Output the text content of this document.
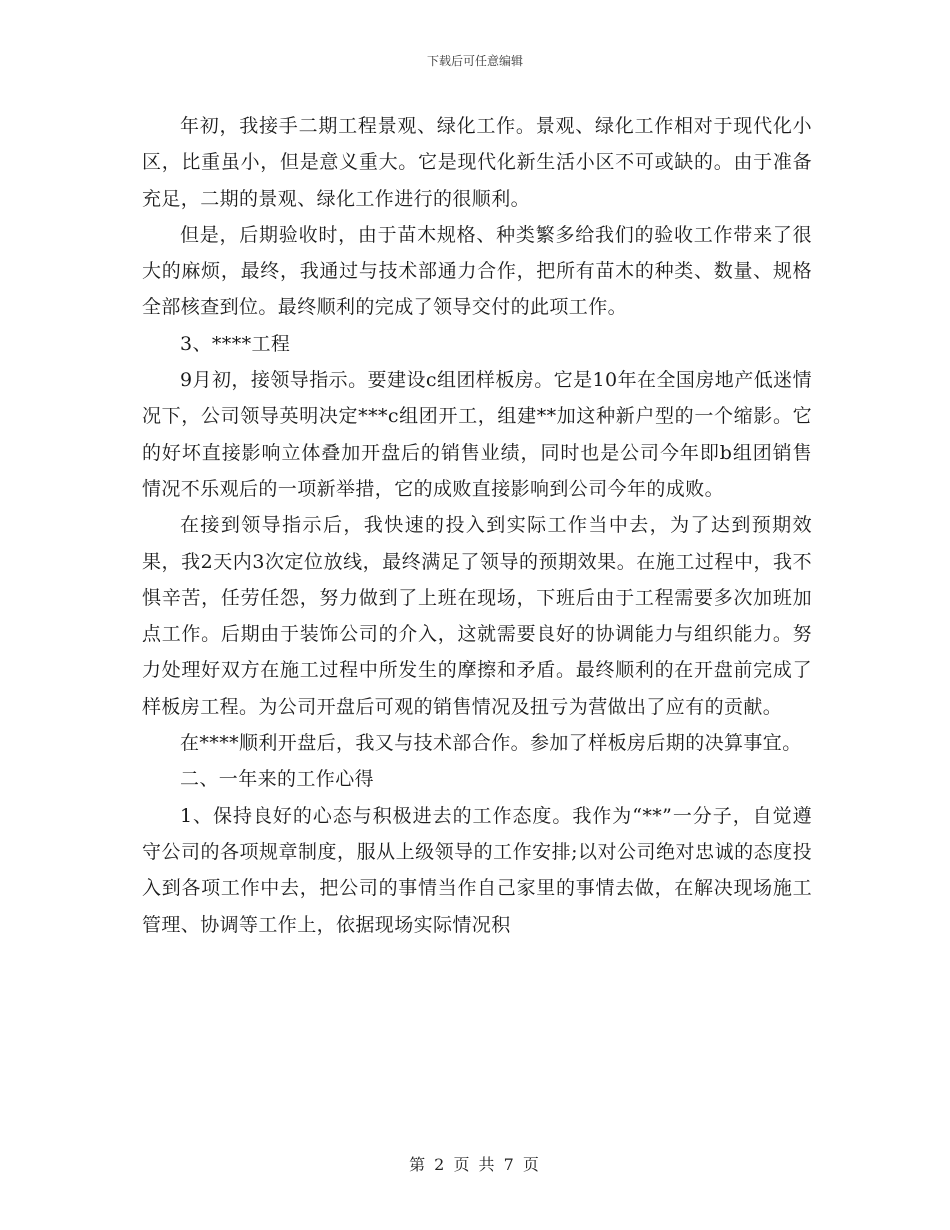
下载后可任意编辑

年初，我接手二期工程景观、绿化工作。景观、绿化工作相对于现代化小区，比重虽小，但是意义重大。它是现代化新生活小区不可或缺的。由于准备充足，二期的景观、绿化工作进行的很顺利。

但是，后期验收时，由于苗木规格、种类繁多给我们的验收工作带来了很大的麻烦，最终，我通过与技术部通力合作，把所有苗木的种类、数量、规格全部核查到位。最终顺利的完成了领导交付的此项工作。

3、****工程

9月初，接领导指示。要建设c组团样板房。它是10年在全国房地产低迷情况下，公司领导英明决定***c组团开工，组建**加这种新户型的一个缩影。它的好坏直接影响立体叠加开盘后的销售业绩，同时也是公司今年即b组团销售情况不乐观后的一项新举措，它的成败直接影响到公司今年的成败。

在接到领导指示后，我快速的投入到实际工作当中去，为了达到预期效果，我2天内3次定位放线，最终满足了领导的预期效果。在施工过程中，我不惧辛苦，任劳任怨，努力做到了上班在现场，下班后由于工程需要多次加班加点工作。后期由于装饰公司的介入，这就需要良好的协调能力与组织能力。努力处理好双方在施工过程中所发生的摩擦和矛盾。最终顺利的在开盘前完成了样板房工程。为公司开盘后可观的销售情况及扭亏为营做出了应有的贡献。

在****顺利开盘后，我又与技术部合作。参加了样板房后期的决算事宜。

二、一年来的工作心得

1、保持良好的心态与积极进去的工作态度。我作为“**”一分子，自觉遵守公司的各项规章制度，服从上级领导的工作安排;以对公司绝对忠诚的态度投入到各项工作中去，把公司的事情当作自己家里的事情去做，在解决现场施工管理、协调等工作上，依据现场实际情况积

第 2 页 共 7 页
